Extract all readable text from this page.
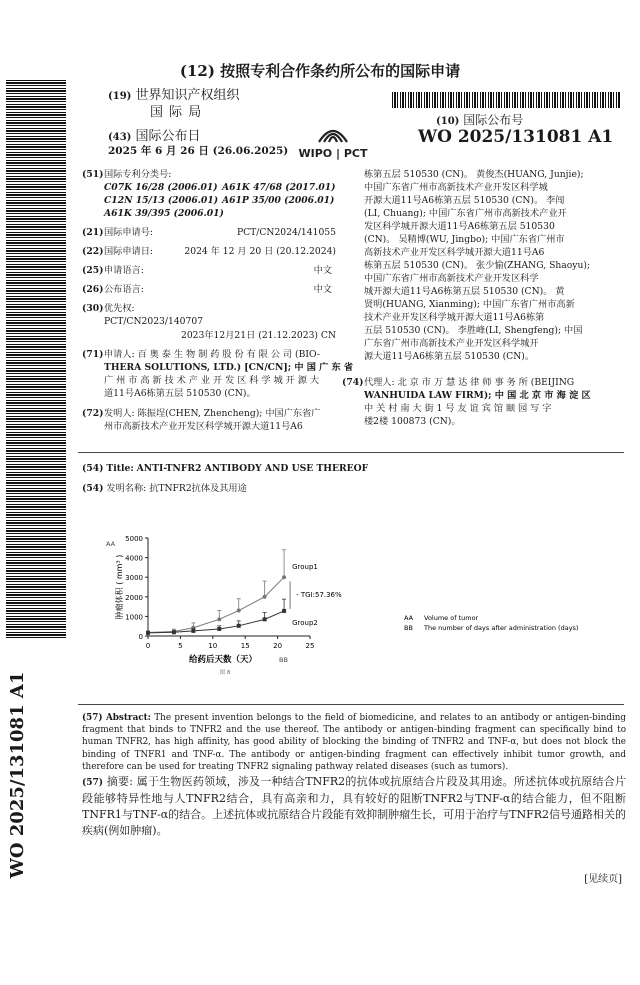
WO 2025/131081 A1
(12) 按照专利合作条约所公布的国际申请
(19) 世界知识产权组织
国 际 局
(43) 国际公布日
2025 年 6 月 26 日 (26.06.2025) WIPO | PCT
(10) 国际公布号
WO 2025/131081 A1
(51) 国际专利分类号:
C07K 16/28 (2006.01) A61K 47/68 (2017.01)
C12N 15/13 (2006.01) A61P 35/00 (2006.01)
A61K 39/395 (2006.01)
(21) 国际申请号:	PCT/CN2024/141055
(22) 国际申请日:	2024 年 12 月 20 日 (20.12.2024)
(25) 申请语言:	中文
(26) 公布语言:	中文
(30) 优先权:
PCT/CN2023/140707
2023年12月21日 (21.12.2023) CN
(71) 申请人: 百 奥 泰 生 物 制 药 股 份 有 限 公 司 (BIO-
THERA SOLUTIONS, LTD.) [CN/CN]; 中 国 广 东 省
广 州 市 高 新 技 术 产 业 开 发 区 科 学 城 开 源 大
道11号A6栋第五层 510530 (CN)。
(72) 发明人: 陈振埕(CHEN, Zhencheng); 中国广东省广
州市高新技术产业开发区科学城开源大道11号A6
栋第五层 510530 (CN)。 黄俊杰(HUANG, Junjie);
中国广东省广州市高新技术产业开发区科学城
开源大道11号A6栋第五层 510530 (CN)。 李闯
(LI, Chuang); 中国广东省广州市高新技术产业开
发区科学城开源大道11号A6栋第五层 510530
(CN)。 吴精博(WU, Jingbo); 中国广东省广州市
高新技术产业开发区科学城开源大道11号A6
栋第五层 510530 (CN)。 张少愉(ZHANG, Shaoyu);
中国广东省广州市高新技术产业开发区科学
城开源大道11号A6栋第五层 510530 (CN)。 黄
贤明(HUANG, Xianming); 中国广东省广州市高新
技术产业开发区科学城开源大道11号A6栋第
五层 510530 (CN)。 李胜峰(LI, Shengfeng); 中国
广东省广州市高新技术产业开发区科学城开
源大道11号A6栋第五层 510530 (CN)。
(74) 代理人: 北 京 市 万 慧 达 律 师 事 务 所 (BEIJING
WANHUIDA LAW FIRM); 中 国 北 京 市 海 淀 区
中 关 村 南 大 街 1 号 友 谊 宾 馆 颐 园 写 字
楼2楼 100873 (CN)。
(54) Title: ANTI-TNFR2 ANTIBODY AND USE THEREOF
(54) 发明名称: 抗TNFR2抗体及其用途
0
1000
2000
3000
4000
5000
0	5	10	15	20	25
AA
肿瘤体积 ( mm³ )
给药后天数（天）	BB
图 8
Group1
Group2
- TGI:57.36%
AA Volume of tumor
BB The number of days after administration (days)
(57) Abstract: The present invention belongs to the field of biomedicine, and relates to an antibody or antigen-binding fragment that binds to TNFR2 and the use thereof. The antibody or antigen-binding fragment can specifically bind to human TNFR2, has high affinity, has good ability of blocking the binding of TNFR2 and TNF-α, but does not block the binding of TNFR1 and TNF-α. The antibody or antigen-binding fragment can effectively inhibit tumor growth, and therefore can be used for treating TNFR2 signaling pathway related diseases (such as tumors).
(57) 摘要: 属于生物医药领域，涉及一种结合TNFR2的抗体或抗原结合片段及其用途。所述抗体或抗原结合片段能够特异性地与人TNFR2结合，具有高亲和力，具有较好的阻断TNFR2与TNF-α的结合能力，但不阻断TNFR1与TNF-α的结合。上述抗体或抗原结合片段能有效抑制肿瘤生长，可用于治疗与TNFR2信号通路相关的疾病(例如肿瘤)。
[见续页]
